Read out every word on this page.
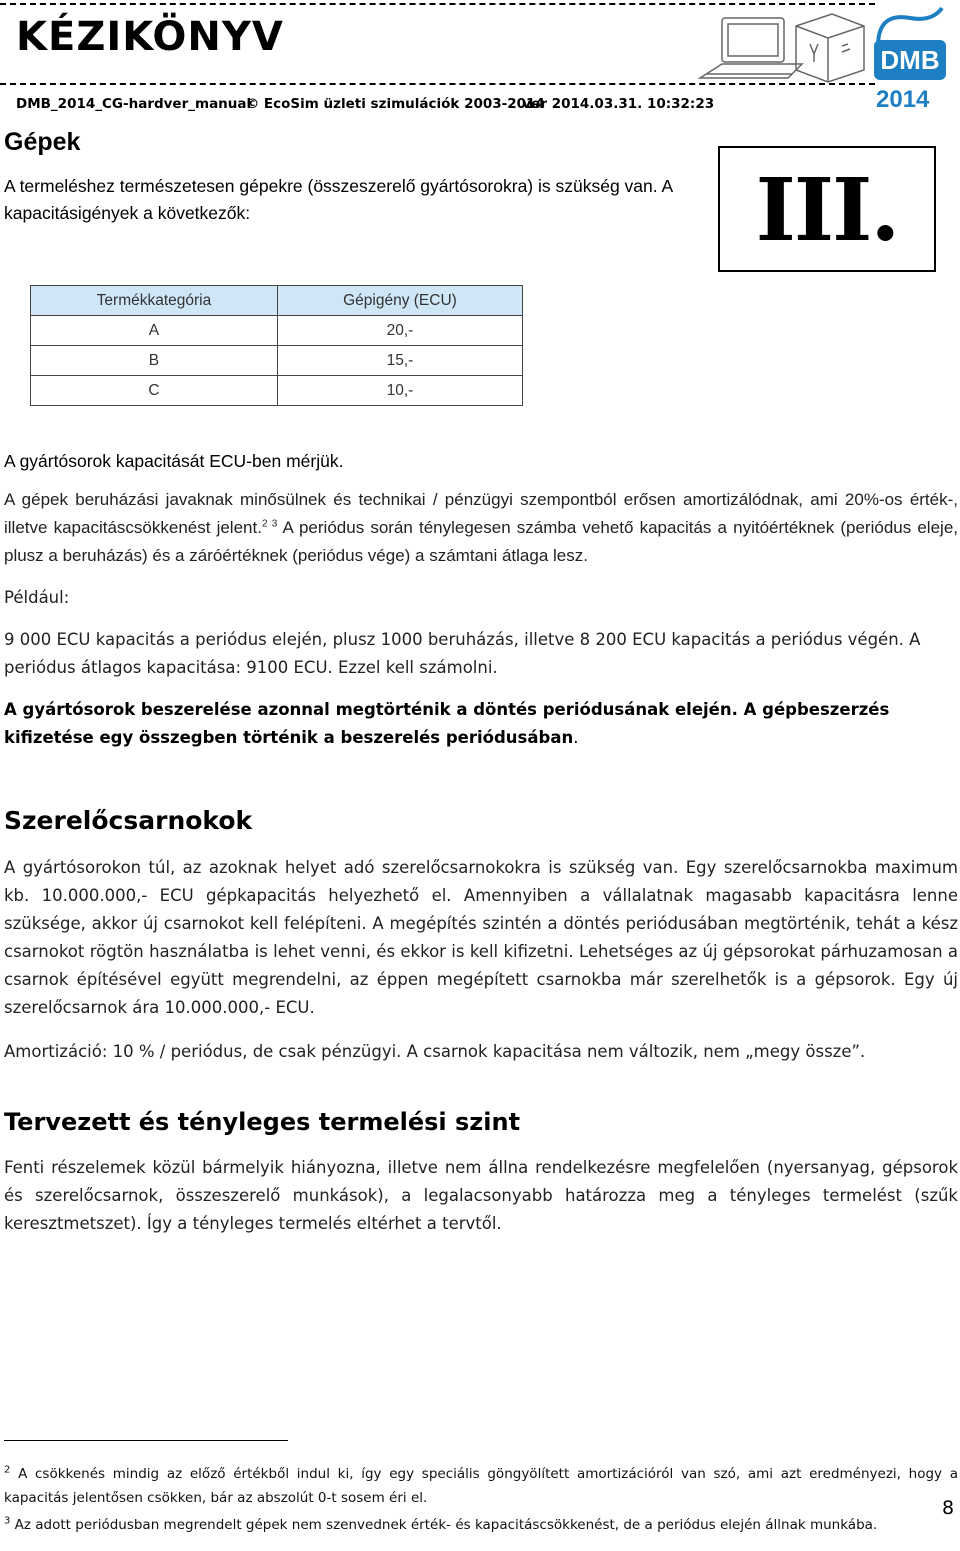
KÉZIKÖNYV	DMB
2014
DMB_2014_CG-hardver_manual © EcoSim üzleti szimulációk 2003-2014 ver 2014.03.31. 10:32:23
Gépek
A termeléshez természetesen gépekre (összeszerelő gyártósorokra) is szükség van. A kapacitásigények a következők:	III.
Termékkategória	Gépigény (ECU)
A	20,-
B	15,-
C	10,-
A gyártósorok kapacitását ECU-ben mérjük.
A gépek beruházási javaknak minősülnek és technikai / pénzügyi szempontból erősen amortizálódnak, ami 20%-os érték-, illetve kapacitáscsökkenést jelent.$^{2 3}$ A periódus során ténylegesen számba vehető kapacitás a nyitóértéknek (periódus eleje, plusz a beruházás) és a záróértéknek (periódus vége) a számtani átlaga lesz.
Például:
9 000 ECU kapacitás a periódus elején, plusz 1000 beruházás, illetve 8 200 ECU kapacitás a periódus végén. A periódus átlagos kapacitása: 9100 ECU. Ezzel kell számolni.
A gyártósorok beszerelése azonnal megtörténik a döntés periódusának elején. A gépbeszerzés kifizetése egy összegben történik a beszerelés periódusában.
Szerelőcsarnokok
A gyártósorokon túl, az azoknak helyet adó szerelőcsarnokokra is szükség van. Egy szerelőcsarnokba maximum kb. 10.000.000,- ECU gépkapacitás helyezhető el. Amennyiben a vállalatnak magasabb kapacitásra lenne szüksége, akkor új csarnokot kell felépíteni. A megépítés szintén a döntés periódusában megtörténik, tehát a kész csarnokot rögtön használatba is lehet venni, és ekkor is kell kifizetni. Lehetséges az új gépsorokat párhuzamosan a csarnok építésével együtt megrendelni, az éppen megépített csarnokba már szerelhetők is a gépsorok. Egy új szerelőcsarnok ára 10.000.000,- ECU.
Amortizáció: 10 % / periódus, de csak pénzügyi. A csarnok kapacitása nem változik, nem „megy össze”.
Tervezett és tényleges termelési szint
Fenti részelemek közül bármelyik hiányozna, illetve nem állna rendelkezésre megfelelően (nyersanyag, gépsorok és szerelőcsarnok, összeszerelő munkások), a legalacsonyabb határozza meg a tényleges termelést (szűk keresztmetszet). Így a tényleges termelés eltérhet a tervtől.
$^2$ A csökkenés mindig az előző értékből indul ki, így egy speciális göngyölített amortizációról van szó, ami azt eredményezi, hogy a kapacitás jelentősen csökken, bár az abszolút 0-t sosem éri el.
$^3$ Az adott periódusban megrendelt gépek nem szenvednek érték- és kapacitáscsökkenést, de a periódus elején állnak munkába.
8
